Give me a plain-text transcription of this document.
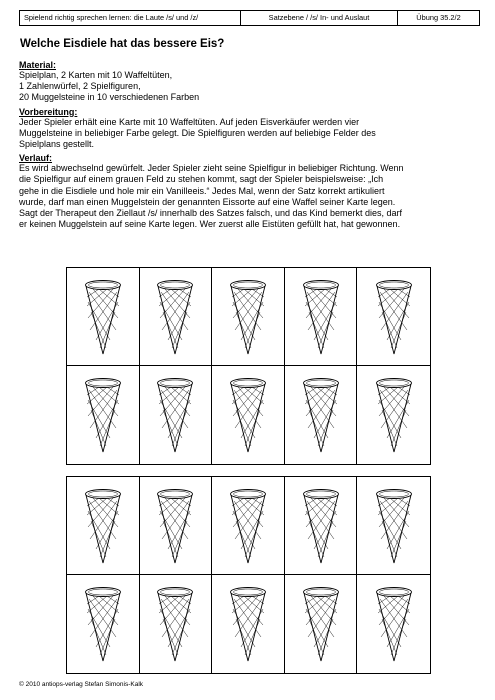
Spielend richtig sprechen lernen: die Laute /s/ und /z/	Satzebene / /s/ In- und Auslaut	Übung 35.2/2
Welche Eisdiele hat das bessere Eis?
Material:
Spielplan, 2 Karten mit 10 Waffeltüten,
1 Zahlenwürfel, 2 Spielfiguren,
20 Muggelsteine in 10 verschiedenen Farben
Vorbereitung:
Jeder Spieler erhält eine Karte mit 10 Waffeltüten. Auf jeden Eisverkäufer werden vier
Muggelsteine in beliebiger Farbe gelegt. Die Spielfiguren werden auf beliebige Felder des
Spielplans gestellt.
Verlauf:
Es wird abwechselnd gewürfelt. Jeder Spieler zieht seine Spielfigur in beliebiger Richtung. Wenn
die Spielfigur auf einem grauen Feld zu stehen kommt, sagt der Spieler beispielsweise: „Ich
gehe in die Eisdiele und hole mir ein Vanilleeis.“ Jedes Mal, wenn der Satz korrekt artikuliert
wurde, darf man einen Muggelstein der genannten Eissorte auf eine Waffel seiner Karte legen.
Sagt der Therapeut den Ziellaut /s/ innerhalb des Satzes falsch, und das Kind bemerkt dies, darf
er keinen Muggelstein auf seine Karte legen. Wer zuerst alle Eistüten gefüllt hat, hat gewonnen.
© 2010 antiops-verlag Stefan Simonis-Kalk
